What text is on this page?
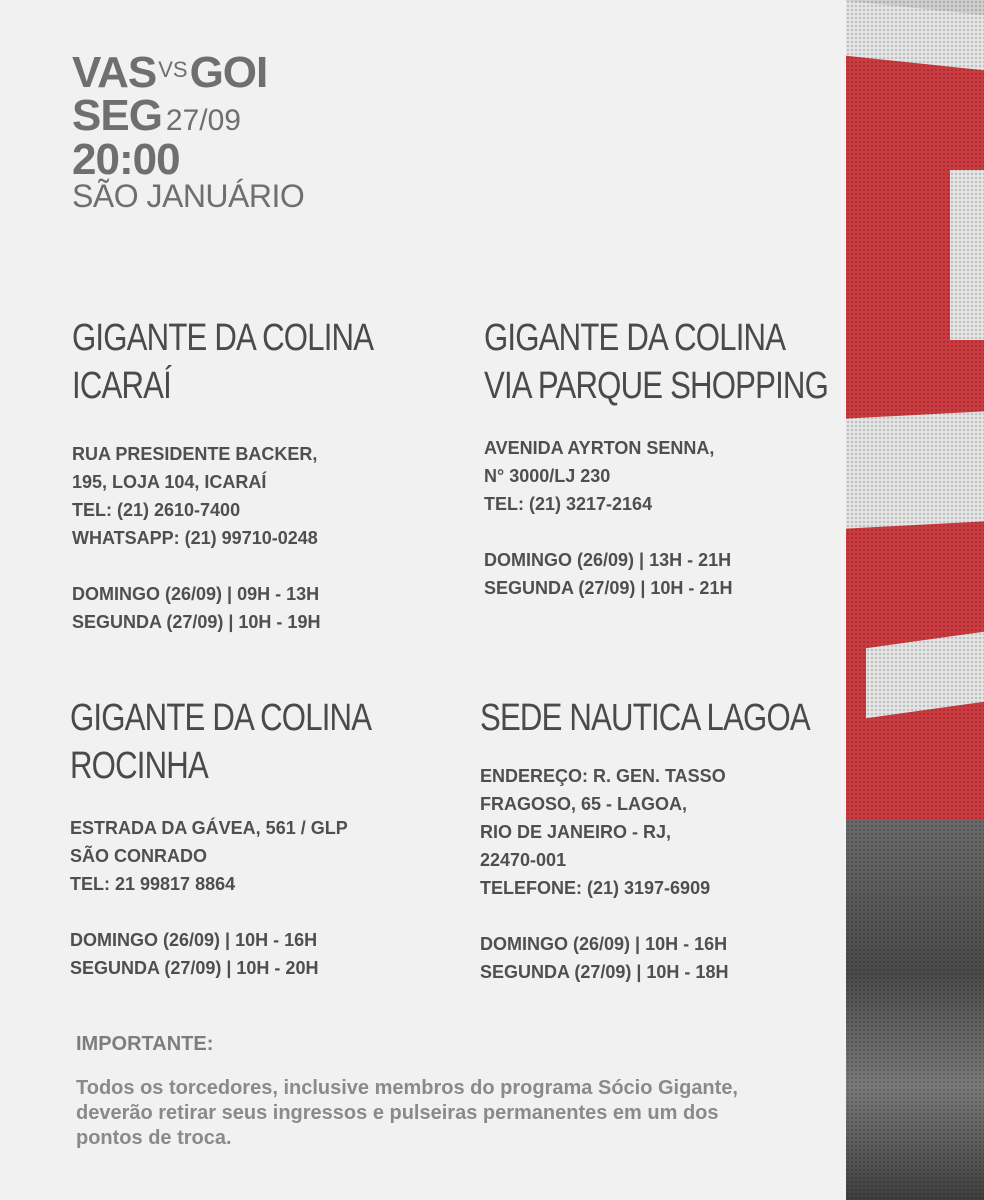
$VAS^{VS}GOI$
SEG 27/09
20:00
SÃO JANUÁRIO
GIGANTE DA COLINA
ICARAÍ
RUA PRESIDENTE BACKER,
195, LOJA 104, ICARAÍ
TEL: (21) 2610-7400
WHATSAPP: (21) 99710-0248
DOMINGO (26/09) | 09H - 13H
SEGUNDA (27/09) | 10H - 19H
GIGANTE DA COLINA
VIA PARQUE SHOPPING
AVENIDA AYRTON SENNA,
N° 3000/LJ 230
TEL: (21) 3217-2164
DOMINGO (26/09) | 13H - 21H
SEGUNDA (27/09) | 10H - 21H
GIGANTE DA COLINA
ROCINHA
ESTRADA DA GÁVEA, 561 / GLP
SÃO CONRADO
TEL: 21 99817 8864
DOMINGO (26/09) | 10H - 16H
SEGUNDA (27/09) | 10H - 20H
SEDE NAUTICA LAGOA
ENDEREÇO: R. GEN. TASSO
FRAGOSO, 65 - LAGOA,
RIO DE JANEIRO - RJ,
22470-001
TELEFONE: (21) 3197-6909
DOMINGO (26/09) | 10H - 16H
SEGUNDA (27/09) | 10H - 18H
IMPORTANTE:
Todos os torcedores, inclusive membros do programa Sócio Gigante, deverão retirar seus ingressos e pulseiras permanentes em um dos pontos de troca.
